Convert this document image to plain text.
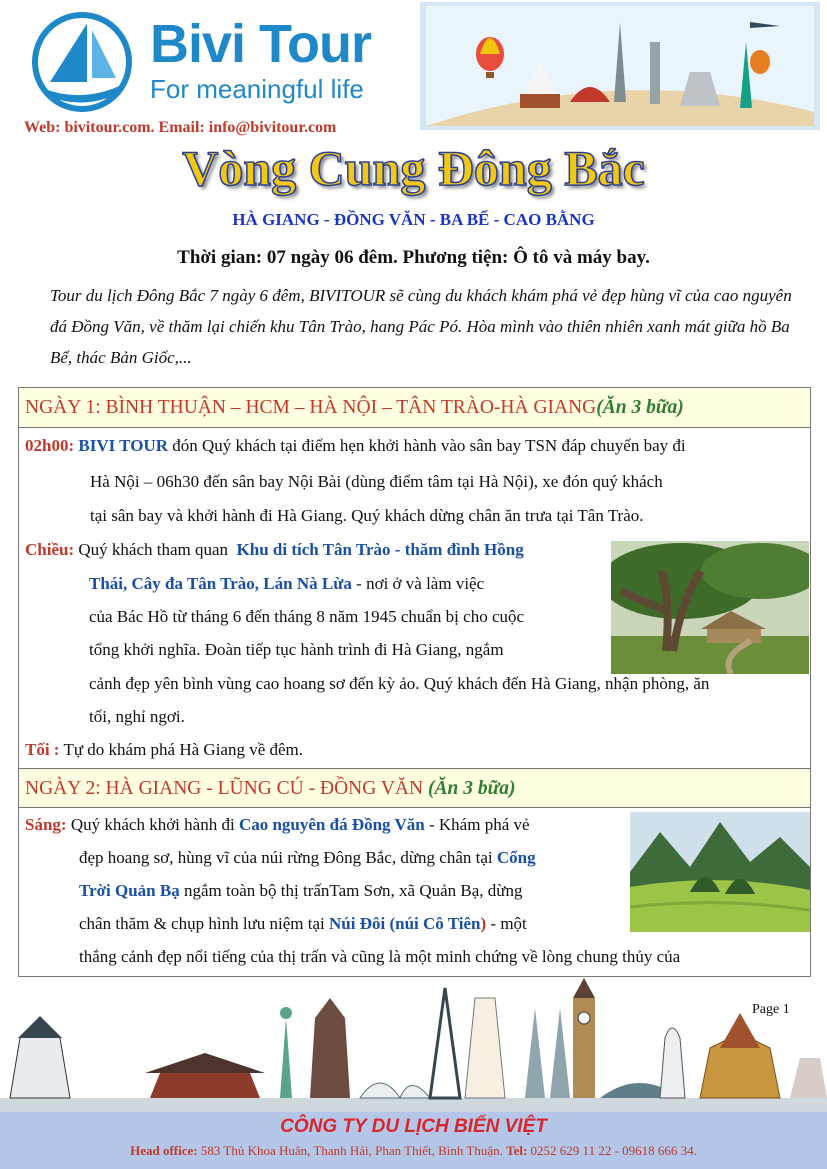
Bivi Tour
For meaningful life
Web: bivitour.com. Email: info@bivitour.com
Vòng Cung Đông Bắc
HÀ GIANG - ĐỒNG VĂN - BA BỂ - CAO BẰNG
Thời gian: 07 ngày 06 đêm. Phương tiện: Ô tô và máy bay.
Tour du lịch Đông Bắc 7 ngày 6 đêm, BIVITOUR sẽ cùng du khách khám phá vẻ đẹp hùng vĩ của cao nguyên đá Đồng Văn, về thăm lại chiến khu Tân Trào, hang Pác Pó. Hòa mình vào thiên nhiên xanh mát giữa hồ Ba Bể, thác Bản Giốc,...
NGÀY 1: BÌNH THUẬN – HCM – HÀ NỘI – TÂN TRÀO-HÀ GIANG(Ăn 3 bữa)
02h00: BIVI TOUR đón Quý khách tại điểm hẹn khởi hành vào sân bay TSN đáp chuyến bay đi
Hà Nội – 06h30 đến sân bay Nội Bài (dùng điểm tâm tại Hà Nội), xe đón quý khách
tại sân bay và khởi hành đi Hà Giang. Quý khách dừng chân ăn trưa tại Tân Trào.
Chiều: Quý khách tham quan Khu di tích Tân Trào - thăm đình Hồng
Thái, Cây đa Tân Trào, Lán Nà Lừa - nơi ở và làm việc
của Bác Hồ từ tháng 6 đến tháng 8 năm 1945 chuẩn bị cho cuộc
tổng khởi nghĩa. Đoàn tiếp tục hành trình đi Hà Giang, ngắm
cảnh đẹp yên bình vùng cao hoang sơ đến kỳ ảo. Quý khách đến Hà Giang, nhận phòng, ăn
tối, nghỉ ngơi.
Tối : Tự do khám phá Hà Giang về đêm.
NGÀY 2: HÀ GIANG - LŨNG CÚ - ĐỒNG VĂN (Ăn 3 bữa)
Sáng: Quý khách khởi hành đi Cao nguyên đá Đồng Văn - Khám phá vẻ
đẹp hoang sơ, hùng vĩ của núi rừng Đông Bắc, dừng chân tại Cổng
Trời Quản Bạ ngắm toàn bộ thị trấnTam Sơn, xã Quản Bạ, dừng
chân thăm & chụp hình lưu niệm tại Núi Đôi (núi Cô Tiên) - một
thắng cảnh đẹp nổi tiếng của thị trấn và cũng là một minh chứng về lòng chung thủy của
Page 1
CÔNG TY DU LỊCH BIỂN VIỆT
Head office: 583 Thủ Khoa Huân, Thanh Hải, Phan Thiết, Bình Thuận. Tel: 0252 629 11 22 - 09618 666 34.
